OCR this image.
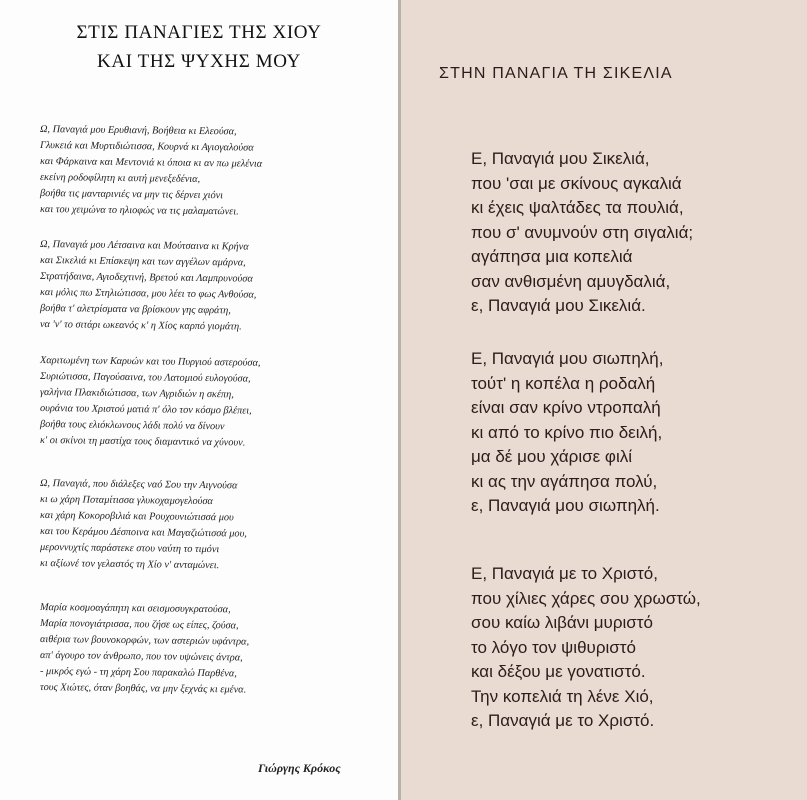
ΣΤΙΣ ΠΑΝΑΓΙΕΣ ΤΗΣ ΧΙΟΥ
ΚΑΙ ΤΗΣ ΨΥΧΗΣ ΜΟΥ
Ω, Παναγιά μου Ερυθιανή, Βοήθεια κι Ελεούσα,
Γλυκειά και Μυρτιδιώτισσα, Κουρνά κι Αγιογαλούσα
και Φάρκαινα και Μεντονιά κι όποια κι αν πω μελένια
εκείνη ροδοφίλητη κι αυτή μενεξεδένια,
βοήθα τις μανταρινιές να μην τις δέρνει χιόνι
και του χειμώνα το ηλιοφώς να τις μαλαματώνει.
Ω, Παναγιά μου Λέτσαινα και Μούτσαινα κι Κρήνα
και Σικελιά κι Επίσκεψη και των αγγέλων αμάρνα,
Στρατήδαινα, Αγιοδεχτινή, Βρετού και Λαμπρυνούσα
και μόλις πω Στηλιώτισσα, μου λέει το φως Ανθούσα,
βοήθα τ' αλετρίσματα να βρίσκουν γης αφράτη,
να 'ν' το σιτάρι ωκεανός κ' η Χίος καρπό γιομάτη.
Χαριτωμένη των Καρυών και του Πυργιού αστερούσα,
Συριώτισσα, Παγούσαινα, του Λατομιού ευλογούσα,
γαλήνια Πλακιδιώτισσα, των Αγριδιών η σκέπη,
ουράνια του Χριστού ματιά π' όλο τον κόσμο βλέπει,
βοήθα τους ελιόκλωνους λάδι πολύ να δίνουν
κ' οι σκίνοι τη μαστίχα τους διαμαντικό να χύνουν.
Ω, Παναγιά, που διάλεξες ναό Σου την Αιγνούσα
κι ω χάρη Ποταμίτισσα γλυκοχαμογελούσα
και χάρη Κοκοροβιλιά και Ρουχουνιώτισσά μου
και του Κεράμου Δέσποινα και Μαγαζιώτισσά μου,
μεροννυχτίς παράστεκε στου ναύτη το τιμόνι
κι αξίωνέ τον γελαστός τη Χίο ν' ανταμώνει.
Μαρία κοσμοαγάπητη και σεισμοσυγκρατούσα,
Μαρία πονογιάτρισσα, που ζήσε ως είπες, ζούσα,
αιθέρια των βουνοκορφών, των αστεριών υφάντρα,
απ' άγουρο τον άνθρωπο, που τον υψώνεις άντρα,
- μικρός εγώ - τη χάρη Σου παρακαλώ Παρθένα,
τους Χιώτες, όταν βοηθάς, να μην ξεχνάς κι εμένα.
Γιώργης Κρόκος
ΣΤΗΝ ΠΑΝΑΓΙΑ ΤΗ ΣΙΚΕΛΙΑ
Ε, Παναγιά μου Σικελιά,
που 'σαι με σκίνους αγκαλιά
κι έχεις ψαλτάδες τα πουλιά,
που σ' ανυμνούν στη σιγαλιά;
αγάπησα μια κοπελιά
σαν ανθισμένη αμυγδαλιά,
ε, Παναγιά μου Σικελιά.
Ε, Παναγιά μου σιωπηλή,
τούτ' η κοπέλα η ροδαλή
είναι σαν κρίνο ντροπαλή
κι από το κρίνο πιο δειλή,
μα δέ μου χάρισε φιλί
κι ας την αγάπησα πολύ,
ε, Παναγιά μου σιωπηλή.
Ε, Παναγιά με το Χριστό,
που χίλιες χάρες σου χρωστώ,
σου καίω λιβάνι μυριστό
το λόγο τον ψιθυριστό
και δέξου με γονατιστό.
Την κοπελιά τη λένε Χιό,
ε, Παναγιά με το Χριστό.
